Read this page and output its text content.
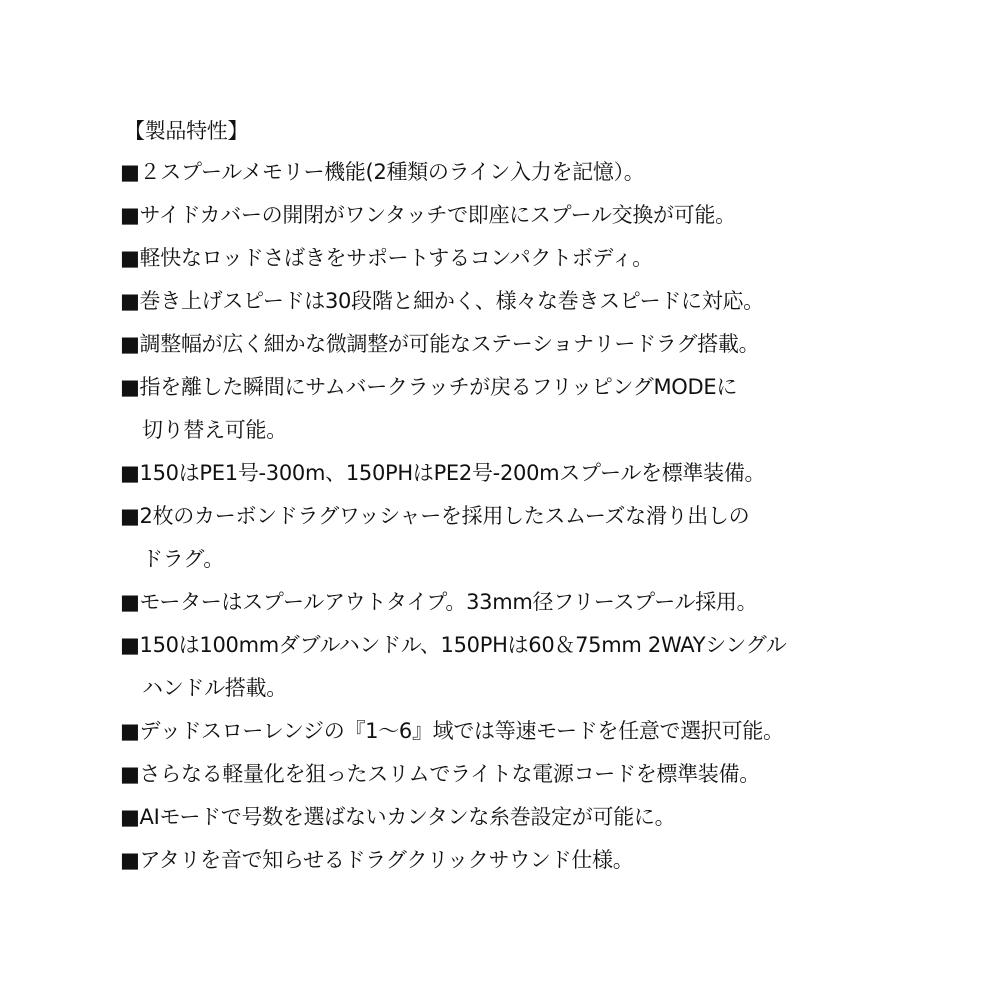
【製品特性】
■２スプールメモリー機能(2種類のライン入力を記憶）。
■サイドカバーの開閉がワンタッチで即座にスプール交換が可能。
■軽快なロッドさばきをサポートするコンパクトボディ。
■巻き上げスピードは30段階と細かく、様々な巻きスピードに対応。
■調整幅が広く細かな微調整が可能なステーショナリードラグ搭載。
■指を離した瞬間にサムバークラッチが戻るフリッピングMODEに
切り替え可能。
■150はPE1号-300m、150PHはPE2号-200mスプールを標準装備。
■2枚のカーボンドラグワッシャーを採用したスムーズな滑り出しの
ドラグ。
■モーターはスプールアウトタイプ。33mm径フリースプール採用。
■150は100mmダブルハンドル、150PHは60＆75mm 2WAYシングル
ハンドル搭載。
■デッドスローレンジの『1〜6』域では等速モードを任意で選択可能。
■さらなる軽量化を狙ったスリムでライトな電源コードを標準装備。
■AIモードで号数を選ばないカンタンな糸巻設定が可能に。
■アタリを音で知らせるドラグクリックサウンド仕様。
